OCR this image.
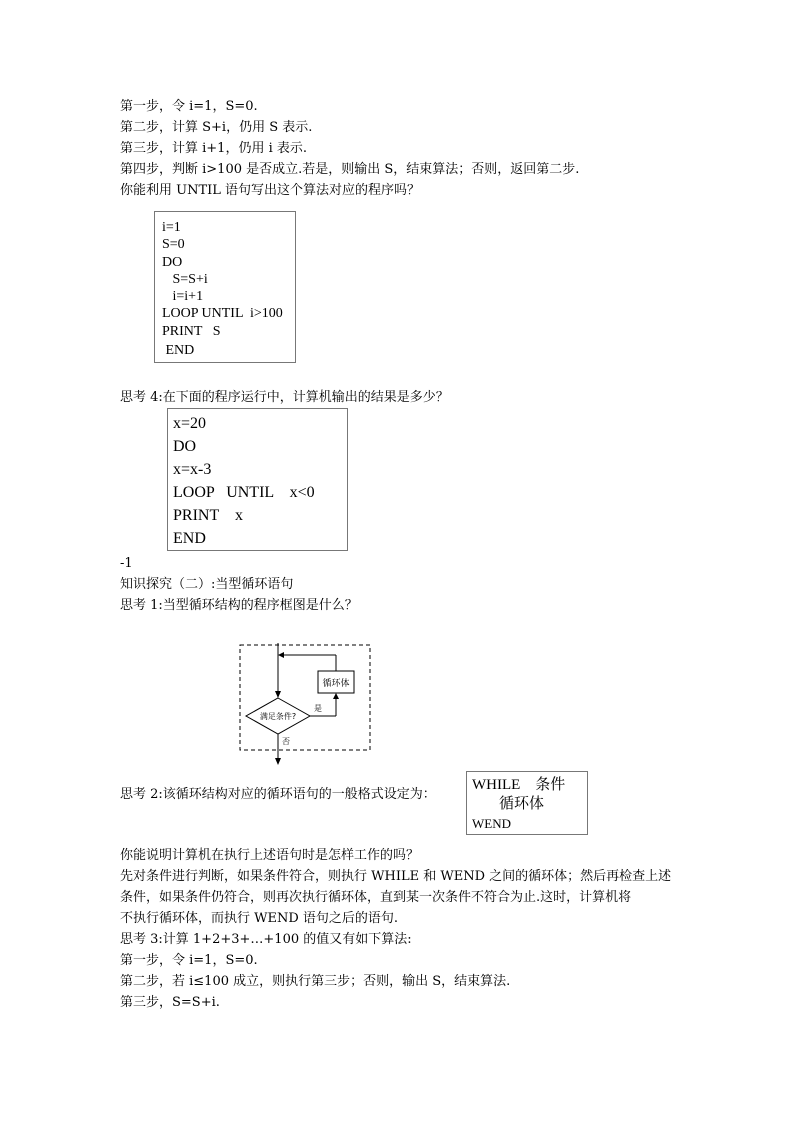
第一步，令 i=1，S=0.
第二步，计算 S+i，仍用 S 表示.
第三步，计算 i+1，仍用 i 表示.
第四步，判断 i>100 是否成立.若是，则输出 S，结束算法；否则，返回第二步.
你能利用 UNTIL 语句写出这个算法对应的程序吗？
i=1
S=0
DO
S=S+i
i=i+1
LOOP UNTIL  i>100
PRINT   S
END
思考 4:在下面的程序运行中，计算机输出的结果是多少？
x=20
DO
x=x-3
LOOP   UNTIL    x<0
PRINT    x
END
-1
知识探究（二）:当型循环语句
思考 1:当型循环结构的程序框图是什么？
满足条件?
是
循环体
否
思考 2:该循环结构对应的循环语句的一般格式设定为：
WHILE    条件
循环体
WEND
你能说明计算机在执行上述语句时是怎样工作的吗？
先对条件进行判断，如果条件符合，则执行 WHILE 和 WEND 之间的循环体；然后再检查上述
条件，如果条件仍符合，则再次执行循环体，直到某一次条件不符合为止.这时，计算机将
不执行循环体，而执行 WEND 语句之后的语句.
思考 3:计算 1+2+3+…+100 的值又有如下算法:
第一步，令 i=1，S=0.
第二步，若 i≤100 成立，则执行第三步；否则，输出 S，结束算法.
第三步，S=S+i.
